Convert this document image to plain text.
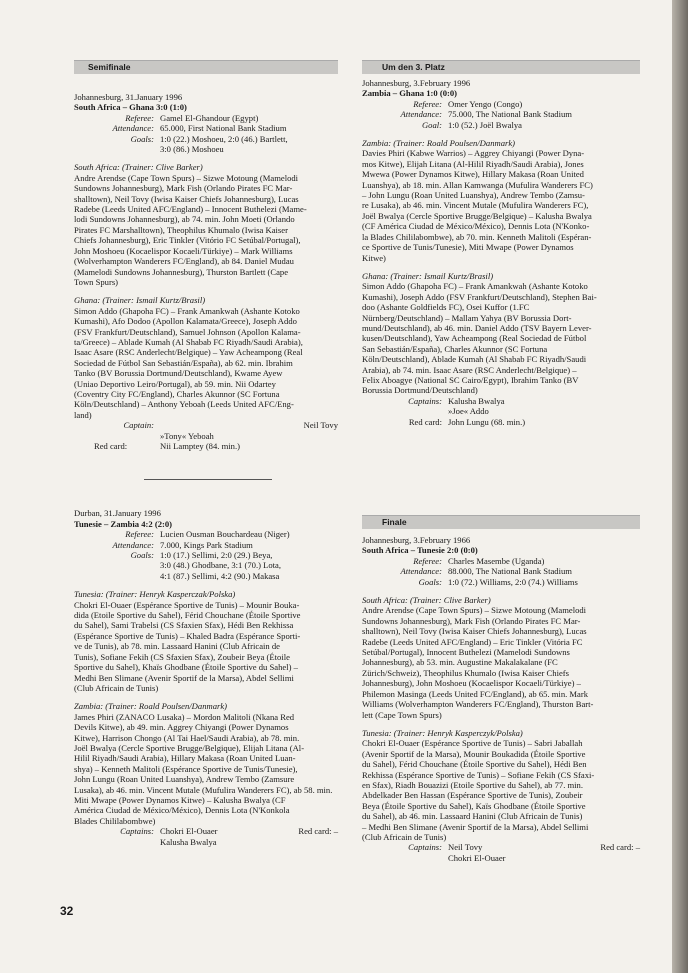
Semifinale

Johannesburg, 31.January 1996

South Africa – Ghana 3:0 (1:0)

Referee: Gamel El-Ghandour (Egypt)
Attendance: 65.000, First National Bank Stadium
Goals: 1:0 (22.) Moshoeu, 2:0 (46.) Bartlett,
3:0 (86.) Moshoeu

South Africa: (Trainer: Clive Barker)

Andre Arendse (Cape Town Spurs) – Sizwe Motoung (Mamelodi

Sundowns Johannesburg), Mark Fish (Orlando Pirates FC Mar-

shalltown), Neil Tovy (Iwisa Kaiser Chiefs Johannesburg), Lucas

Radebe (Leeds United AFC/England) – Innocent Buthelezi (Mame-

lodi Sundowns Johannesburg), ab 74. min. John Moeti (Orlando

Pirates FC Marshalltown), Theophilus Khumalo (Iwisa Kaiser

Chiefs Johannesburg), Eric Tinkler (Vitório FC Setúbal/Portugal),

John Moshoeu (Kocaelispor Kocaeli/Türkiye) – Mark Williams

(Wolverhampton Wanderers FC/England), ab 84. Daniel Mudau

(Mamelodi Sundowns Johannesburg), Thurston Bartlett (Cape

Town Spurs)

Ghana: (Trainer: Ismail Kurtz/Brasil)

Simon Addo (Ghapoha FC) – Frank Amankwah (Ashante Kotoko

Kumashi), Afo Dodoo (Apollon Kalamata/Greece), Joseph Addo

(FSV Frankfurt/Deutschland), Samuel Johnson (Apollon Kalama-

ta/Greece) – Ablade Kumah (Al Shabab FC Riyadh/Saudi Arabia),

Isaac Asare (RSC Anderlecht/Belgique) – Yaw Acheampong (Real

Sociedad de Fútbol San Sebastián/España), ab 62. min. Ibrahim

Tanko (BV Borussia Dortmund/Deutschland), Kwame Ayew

(Uniao Deportivo Leiro/Portugal), ab 59. min. Nii Odartey

(Coventry City FC/England), Charles Akunnor (SC Fortuna

Köln/Deutschland) – Anthony Yeboah (Leeds United AFC/Eng-

land)

Captain:	Neil Tovy
»Tony« Yeboah
Red card:	Nii Lamptey (84. min.)

Durban, 31.January 1996

Tunesie – Zambia 4:2 (2:0)

Referee: Lucien Ousman Bouchardeau (Niger)
Attendance: 7.000, Kings Park Stadium
Goals: 1:0 (17.) Sellimi, 2:0 (29.) Beya,
3:0 (48.) Ghodbane, 3:1 (70.) Lota,
4:1 (87.) Sellimi, 4:2 (90.) Makasa

Tunesia: (Trainer: Henryk Kasperczak/Polska)

Chokri El-Ouaer (Espérance Sportive de Tunis) – Mounir Bouka-

dida (Etoile Sportive du Sahel), Férid Chouchane (Étoile Sportive

du Sahel), Sami Trabelsi (CS Sfaxien Sfax), Hédi Ben Rekhissa

(Espérance Sportive de Tunis) – Khaled Badra (Espérance Sporti-

ve de Tunis), ab 78. min. Lassaard Hanini (Club Africain de

Tunis), Sofiane Fekih (CS Sfaxien Sfax), Zoubeir Beya (Étoile

Sportive du Sahel), Khaïs Ghodbane (Étoile Sportive du Sahel) –

Medhi Ben Slimane (Avenir Sportif de la Marsa), Abdel Sellimi

(Club Africain de Tunis)

Zambia: (Trainer: Roald Poulsen/Danmark)

James Phiri (ZANACO Lusaka) – Mordon Malitoli (Nkana Red

Devils Kitwe), ab 49. min. Aggrey Chiyangi (Power Dynamos

Kitwe), Harrison Chongo (Al Tai Hael/Saudi Arabia), ab 78. min.

Joël Bwalya (Cercle Sportive Brugge/Belgique), Elijah Litana (Al-

Hilil Riyadh/Saudi Arabia), Hillary Makasa (Roan United Luan-

shya) – Kenneth Malitoli (Espérance Sportive de Tunis/Tunesie),

John Lungu (Roan United Luanshya), Andrew Tembo (Zamsure

Lusaka), ab 46. min. Vincent Mutale (Mufulira Wanderers FC), ab 58. min.

Miti Mwape (Power Dynamos Kitwe) – Kalusha Bwalya (CF

América Ciudad de México/México), Dennis Lota (N'Konkola

Blades Chililabombwe)

Captains: Chokri El-Ouaer	Red card: –
Kalusha Bwalya
Um den 3. Platz

Johannesburg, 3.February 1996

Zambia – Ghana 1:0 (0:0)

Referee: Omer Yengo (Congo)
Attendance: 75.000, The National Bank Stadium
Goal: 1:0 (52.) Joël Bwalya

Zambia: (Trainer: Roald Poulsen/Danmark)

Davies Phiri (Kabwe Warrios) – Aggrey Chiyangi (Power Dyna-

mos Kitwe), Elijah Litana (Al-Hilil Riyadh/Saudi Arabia), Jones

Mwewa (Power Dynamos Kitwe), Hillary Makasa (Roan United

Luanshya), ab 18. min. Allan Kamwanga (Mufulira Wanderers FC)

– John Lungu (Roan United Luanshya), Andrew Tembo (Zamsu-

re Lusaka), ab 46. min. Vincent Mutale (Mufulira Wanderers FC),

Joël Bwalya (Cercle Sportive Brugge/Belgique) – Kalusha Bwalya

(CF América Ciudad de México/México), Dennis Lota (N'Konko-

la Blades Chililabombwe), ab 70. min. Kenneth Malitoli (Espéran-

ce Sportive de Tunis/Tunesie), Miti Mwape (Power Dynamos

Kitwe)

Ghana: (Trainer: Ismail Kurtz/Brasil)

Simon Addo (Ghapoha FC) – Frank Amankwah (Ashante Kotoko

Kumashi), Joseph Addo (FSV Frankfurt/Deutschland), Stephen Bai-

doo (Ashante Goldfields FC), Osei Kuffor (1.FC

Nürnberg/Deutschland) – Mallam Yahya (BV Borussia Dort-

mund/Deutschland), ab 46. min. Daniel Addo (TSV Bayern Lever-

kusen/Deutschland), Yaw Acheampong (Real Sociedad de Fútbol

San Sebastián/España), Charles Akunnor (SC Fortuna

Köln/Deutschland), Ablade Kumah (Al Shabab FC Riyadh/Saudi

Arabia), ab 74. min. Isaac Asare (RSC Anderlecht/Belgique) –

Felix Aboagye (National SC Cairo/Egypt), Ibrahim Tanko (BV

Borussia Dortmund/Deutschland)

Captains: Kalusha Bwalya
»Joe« Addo
Red card: John Lungu (68. min.)
Finale

Johannesburg, 3.February 1966

South Africa – Tunesie 2:0 (0:0)

Referee: Charles Masembe (Uganda)
Attendance: 88.000, The National Bank Stadium
Goals: 1:0 (72.) Williams, 2:0 (74.) Williams

South Africa: (Trainer: Clive Barker)

Andre Arendse (Cape Town Spurs) – Sizwe Motoung (Mamelodi

Sundowns Johannesburg), Mark Fish (Orlando Pirates FC Mar-

shalltown), Neil Tovy (Iwisa Kaiser Chiefs Johannesburg), Lucas

Radebe (Leeds United AFC/England) – Eric Tinkler (Vitória FC

Setúbal/Portugal), Innocent Buthelezi (Mamelodi Sundowns

Johannesburg), ab 53. min. Augustine Makalakalane (FC

Zürich/Schweiz), Theophilus Khumalo (Iwisa Kaiser Chiefs

Johannesburg), John Moshoeu (Kocaelispor Kocaeli/Türkiye) –

Philemon Masinga (Leeds United FC/England), ab 65. min. Mark

Williams (Wolverhampton Wanderers FC/England), Thurston Bart-

lett (Cape Town Spurs)

Tunesia: (Trainer: Henryk Kasperczyk/Polska)

Chokri El-Ouaer (Espérance Sportive de Tunis) – Sabri Jaballah

(Avenir Sportif de la Marsa), Mounir Boukadida (Étoile Sportive

du Sahel), Férid Chouchane (Étoile Sportive du Sahel), Hédi Ben

Rekhissa (Espérance Sportive de Tunis) – Sofiane Fekih (CS Sfaxi-

en Sfax), Riadh Bouazizi (Etoile Sportive du Sahel), ab 77. min.

Abdelkader Ben Hassan (Espérance Sportive de Tunis), Zoubeir

Beya (Étoile Sportive du Sahel), Kaïs Ghodbane (Étoile Sportive

du Sahel), ab 46. min. Lassaard Hanini (Club Africain de Tunis)

– Medhi Ben Slimane (Avenir Sportif de la Marsa), Abdel Sellimi

(Club Africain de Tunis)

Captains: Neil Tovy	Red card: –
Chokri El-Ouaer
32
